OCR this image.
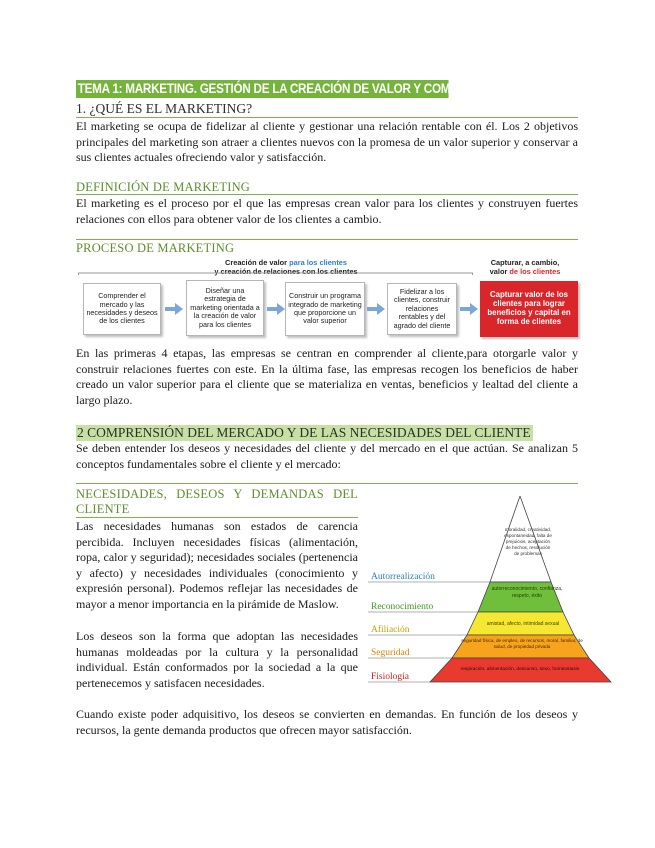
TEMA 1: MARKETING. GESTIÓN DE LA CREACIÓN DE VALOR Y COMPROMISO
1. ¿QUÉ ES EL MARKETING?
El marketing se ocupa de fidelizar al cliente y gestionar una relación rentable con él. Los 2 objetivos principales del marketing son atraer a clientes nuevos con la promesa de un valor superior y conservar a sus clientes actuales ofreciendo valor y satisfacción.
DEFINICIÓN DE MARKETING
El marketing es el proceso por el que las empresas crean valor para los clientes y construyen fuertes relaciones con ellos para obtener valor de los clientes a cambio.
PROCESO DE MARKETING
Creación de valor para los clientes
y creación de relaciones con los clientes
Capturar, a cambio,
valor de los clientes
Comprender el mercado y las necesidades y deseos de los clientes
Diseñar una estrategia de marketing orientada a la creación de valor para los clientes
Construir un programa integrado de marketing que proporcione un valor superior
Fidelizar a los clientes, construir relaciones rentables y del agrado del cliente
Capturar valor de los clientes para lograr beneficios y capital en forma de clientes
En las primeras 4 etapas, las empresas se centran en comprender al cliente,para otorgarle valor y construir relaciones fuertes con este. En la última fase, las empresas recogen los beneficios de haber creado un valor superior para el cliente que se materializa en ventas, beneficios y lealtad del cliente a largo plazo.
2 COMPRENSIÓN DEL MERCADO Y DE LAS NECESIDADES DEL CLIENTE
Se deben entender los deseos y necesidades del cliente y del mercado en el que actúan. Se analizan 5 conceptos fundamentales sobre el cliente y el mercado:
NECESIDADES, DESEOS Y DEMANDAS DEL
CLIENTE
Las necesidades humanas son estados de carencia percibida. Incluyen necesidades físicas (alimentación, ropa, calor y seguridad); necesidades sociales (pertenencia y afecto) y necesidades individuales (conocimiento y expresión personal). Podemos reflejar las necesidades de mayor a menor importancia en la pirámide de Maslow.
Los deseos son la forma que adoptan las necesidades humanas moldeadas por la cultura y la personalidad individual. Están conformados por la sociedad a la que pertenecemos y satisfacen necesidades.
moralidad, creatividad, espontaneidad, falta de prejuicios, aceptación de hechos, resolución de problemas
autorreconocimiento, confianza, respeto, éxito
amistad, afecto, intimidad sexual
seguridad física, de empleo, de recursos, moral, familiar, de salud, de propiedad privada
respiración, alimentación, descanso, sexo, homeostasis
Autorrealización
Reconocimiento
Afiliación
Seguridad
Fisiología
Cuando existe poder adquisitivo, los deseos se convierten en demandas. En función de los deseos y recursos, la gente demanda productos que ofrecen mayor satisfacción.
